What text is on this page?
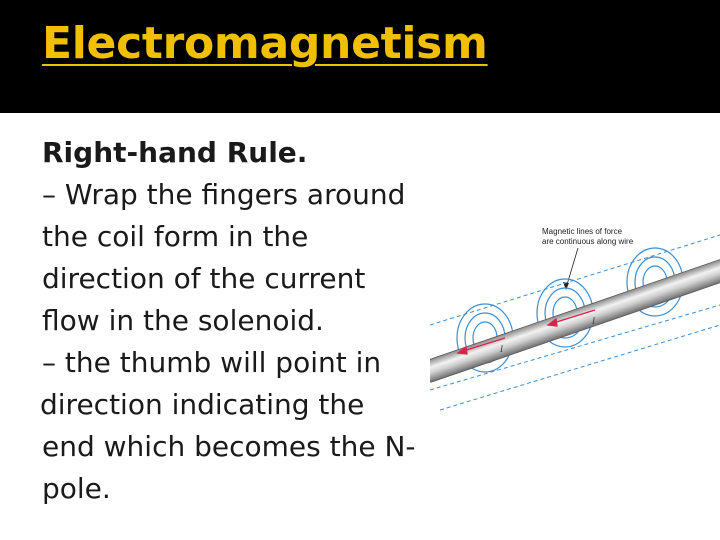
Electromagnetism
Right-hand Rule.
– Wrap the fingers around
the coil form in the
direction of the current
flow in the solenoid.
– the thumb will point in
direction indicating the
end which becomes the N-
pole.
Magnetic lines of force
are continuous along wire
I
I
